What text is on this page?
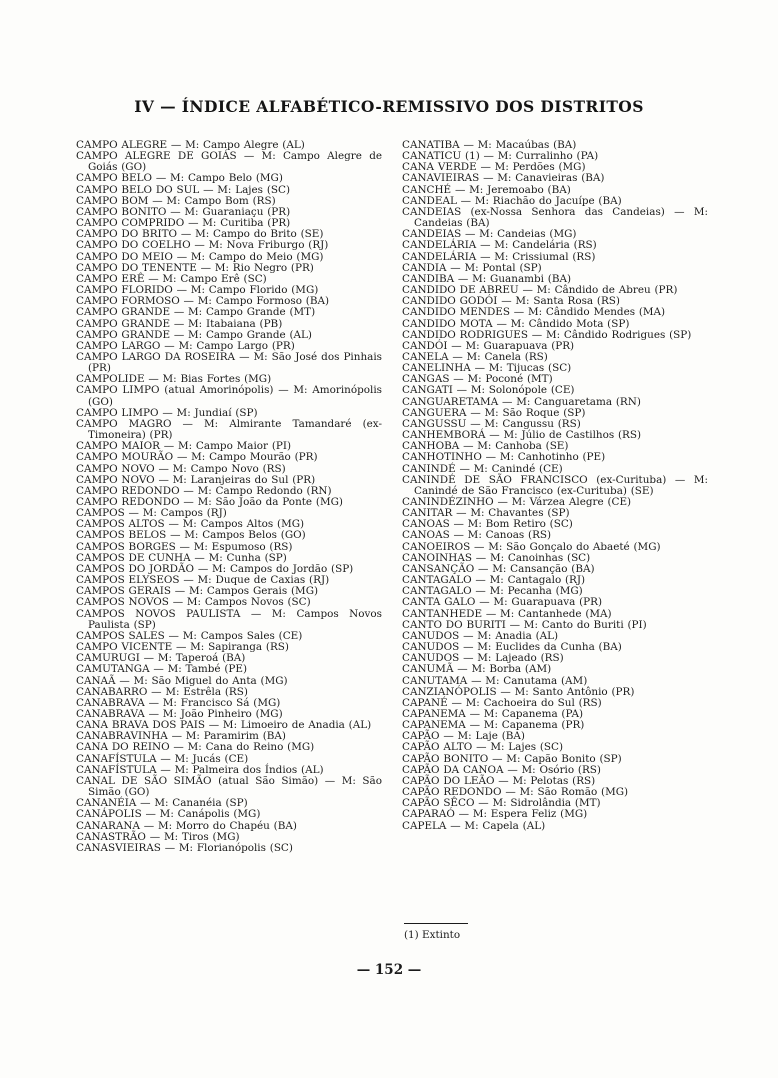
IV — ÍNDICE ALFABÉTICO-REMISSIVO DOS DISTRITOS
CAMPO ALEGRE — M: Campo Alegre (AL)
CAMPO ALEGRE DE GOIÁS — M: Campo Alegre de Goiás (GO)
CAMPO BELO — M: Campo Belo (MG)
CAMPO BELO DO SUL — M: Lajes (SC)
CAMPO BOM — M: Campo Bom (RS)
CAMPO BONITO — M: Guaraniaçu (PR)
CAMPO COMPRIDO — M: Curitiba (PR)
CAMPO DO BRITO — M: Campo do Brito (SE)
CAMPO DO COELHO — M: Nova Friburgo (RJ)
CAMPO DO MEIO — M: Campo do Meio (MG)
CAMPO DO TENENTE — M: Rio Negro (PR)
CAMPO ERÊ — M: Campo Erê (SC)
CAMPO FLORIDO — M: Campo Florido (MG)
CAMPO FORMOSO — M: Campo Formoso (BA)
CAMPO GRANDE — M: Campo Grande (MT)
CAMPO GRANDE — M: Itabaiana (PB)
CAMPO GRANDE — M: Campo Grande (AL)
CAMPO LARGO — M: Campo Largo (PR)
CAMPO LARGO DA ROSEIRA — M: São José dos Pinhais (PR)
CAMPOLIDE — M: Bias Fortes (MG)
CAMPO LIMPO (atual Amorinópolis) — M: Amorinópolis (GO)
CAMPO LIMPO — M: Jundiaí (SP)
CAMPO MAGRO — M: Almirante Tamandaré (ex-Timoneira) (PR)
CAMPO MAIOR — M: Campo Maior (PI)
CAMPO MOURÃO — M: Campo Mourão (PR)
CAMPO NOVO — M: Campo Novo (RS)
CAMPO NOVO — M: Laranjeiras do Sul (PR)
CAMPO REDONDO — M: Campo Redondo (RN)
CAMPO REDONDO — M: São João da Ponte (MG)
CAMPOS — M: Campos (RJ)
CAMPOS ALTOS — M: Campos Altos (MG)
CAMPOS BELOS — M: Campos Belos (GO)
CAMPOS BORGES — M: Espumoso (RS)
CAMPOS DE CUNHA — M: Cunha (SP)
CAMPOS DO JORDÃO — M: Campos do Jordão (SP)
CAMPOS ELYSEOS — M: Duque de Caxias (RJ)
CAMPOS GERAIS — M: Campos Gerais (MG)
CAMPOS NOVOS — M: Campos Novos (SC)
CAMPOS NOVOS PAULISTA — M: Campos Novos Paulista (SP)
CAMPOS SALES — M: Campos Sales (CE)
CAMPO VICENTE — M: Sapiranga (RS)
CAMURUGI — M: Taperoá (BA)
CAMUTANGA — M: També (PE)
CANAÃ — M: São Miguel do Anta (MG)
CANABARRO — M: Estrêla (RS)
CANABRAVA — M: Francisco Sá (MG)
CANABRAVA — M: João Pinheiro (MG)
CANA BRAVA DOS PAIS — M: Limoeiro de Anadia (AL)
CANABRAVINHA — M: Paramirim (BA)
CANA DO REINO — M: Cana do Reino (MG)
CANAFÍSTULA — M: Jucás (CE)
CANAFÍSTULA — M: Palmeira dos Índios (AL)
CANAL DE SÃO SIMÃO (atual São Simão) — M: São Simão (GO)
CANANÉIA — M: Cananéia (SP)
CANÁPOLIS — M: Canápolis (MG)
CANARANA — M: Morro do Chapéu (BA)
CANASTRÃO — M: Tiros (MG)
CANASVIEIRAS — M: Florianópolis (SC)
CANATIBA — M: Macaúbas (BA)
CANATICU (1) — M: Curralinho (PA)
CANA VERDE — M: Perdões (MG)
CANAVIEIRAS — M: Canavieiras (BA)
CANCHÉ — M: Jeremoabo (BA)
CANDEAL — M: Riachão do Jacuípe (BA)
CANDEIAS (ex-Nossa Senhora das Candeias) — M: Candeias (BA)
CANDEIAS — M: Candeias (MG)
CANDELÁRIA — M: Candelária (RS)
CANDELÁRIA — M: Crissiumal (RS)
CANDIA — M: Pontal (SP)
CANDIBA — M: Guanambi (BA)
CANDIDO DE ABREU — M: Cândido de Abreu (PR)
CANDIDO GODÓI — M: Santa Rosa (RS)
CANDIDO MENDES — M: Cândido Mendes (MA)
CANDIDO MOTA — M: Cândido Mota (SP)
CANDIDO RODRIGUES — M: Cândido Rodrigues (SP)
CANDÓI — M: Guarapuava (PR)
CANELA — M: Canela (RS)
CANELINHA — M: Tijucas (SC)
CANGAS — M: Poconé (MT)
CANGATI — M: Solonópole (CE)
CANGUARETAMA — M: Canguaretama (RN)
CANGUERA — M: São Roque (SP)
CANGUSSU — M: Cangussu (RS)
CANHEMBORÁ — M: Júlio de Castilhos (RS)
CANHOBA — M: Canhoba (SE)
CANHOTINHO — M: Canhotinho (PE)
CANINDÉ — M: Canindé (CE)
CANINDÉ DE SÃO FRANCISCO (ex-Curituba) — M: Canindé de São Francisco (ex-Curituba) (SE)
CANINDÉZINHO — M: Várzea Alegre (CE)
CANITAR — M: Chavantes (SP)
CANOAS — M: Bom Retiro (SC)
CANOAS — M: Canoas (RS)
CANOEIROS — M: São Gonçalo do Abaeté (MG)
CANOINHAS — M: Canoinhas (SC)
CANSANÇÃO — M: Cansanção (BA)
CANTAGALO — M: Cantagalo (RJ)
CANTAGALO — M: Pecanha (MG)
CANTA GALO — M: Guarapuava (PR)
CANTANHEDE — M: Cantanhede (MA)
CANTO DO BURITI — M: Canto do Buriti (PI)
CANUDOS — M: Anadia (AL)
CANUDOS — M: Euclides da Cunha (BA)
CANUDOS — M: Lajeado (RS)
CANUMÃ — M: Borba (AM)
CANUTAMA — M: Canutama (AM)
CANZIANÓPOLIS — M: Santo Antônio (PR)
CAPANÉ — M: Cachoeira do Sul (RS)
CAPANEMA — M: Capanema (PA)
CAPANEMA — M: Capanema (PR)
CAPÃO — M: Laje (BA)
CAPÃO ALTO — M: Lajes (SC)
CAPÃO BONITO — M: Capão Bonito (SP)
CAPÃO DA CANOA — M: Osório (RS)
CAPÃO DO LEÃO — M: Pelotas (RS)
CAPÃO REDONDO — M: São Romão (MG)
CAPÃO SÊCO — M: Sidrolândia (MT)
CAPARAÓ — M: Espera Feliz (MG)
CAPELA — M: Capela (AL)
(1) Extinto
— 152 —
